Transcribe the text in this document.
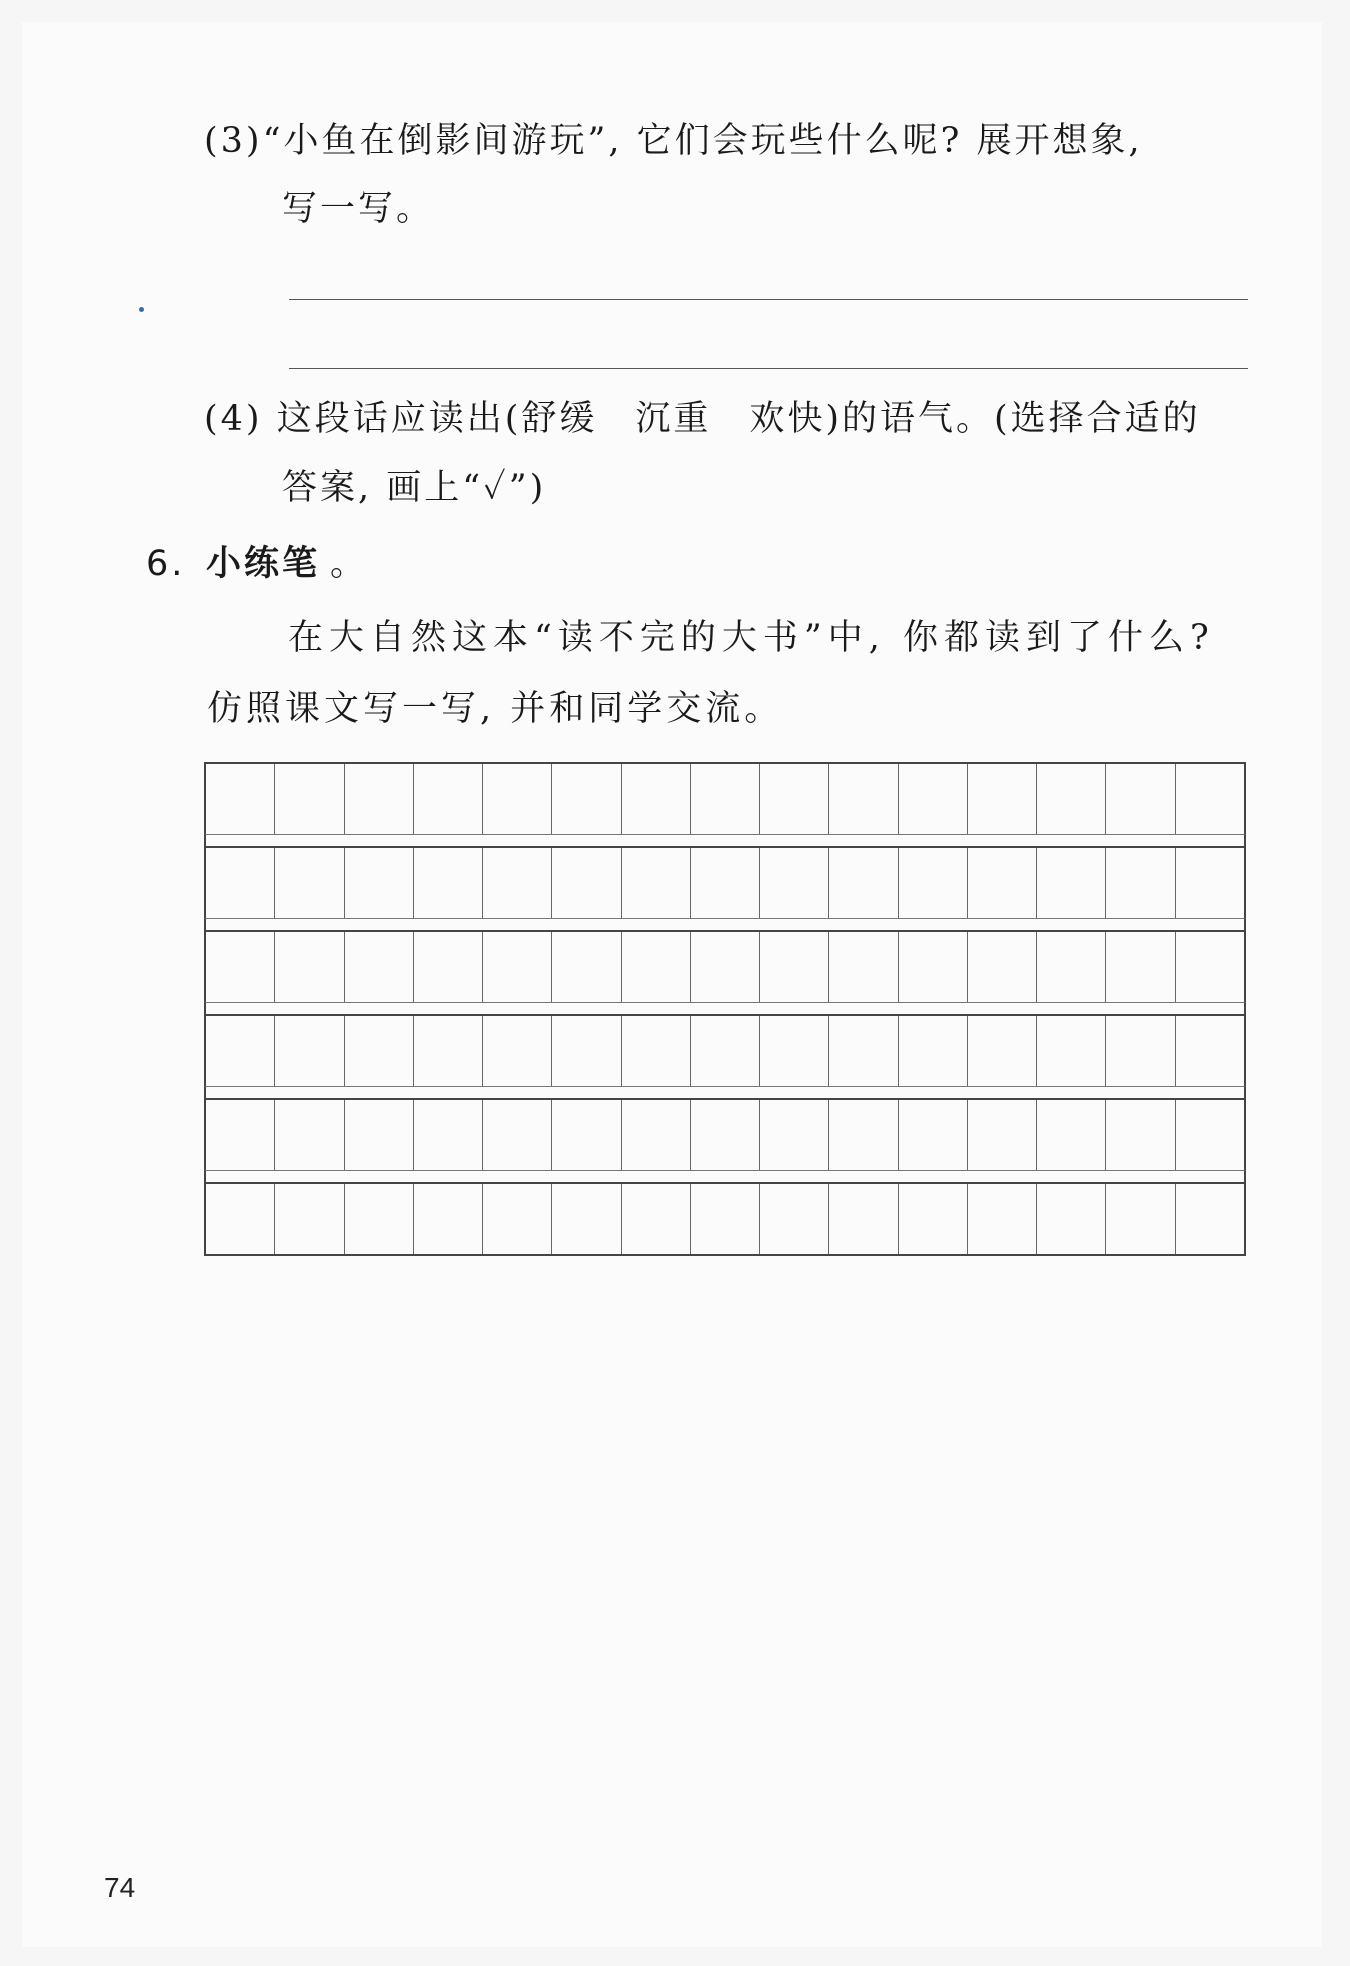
(3)“小鱼在倒影间游玩”, 它们会玩些什么呢? 展开想象,
写一写。
(4) 这段话应读出(舒缓　沉重　欢快)的语气。(选择合适的
答案, 画上“✓”)
6. 小练笔 。
在大自然这本“读不完的大书”中, 你都读到了什么?
仿照课文写一写, 并和同学交流。
74
